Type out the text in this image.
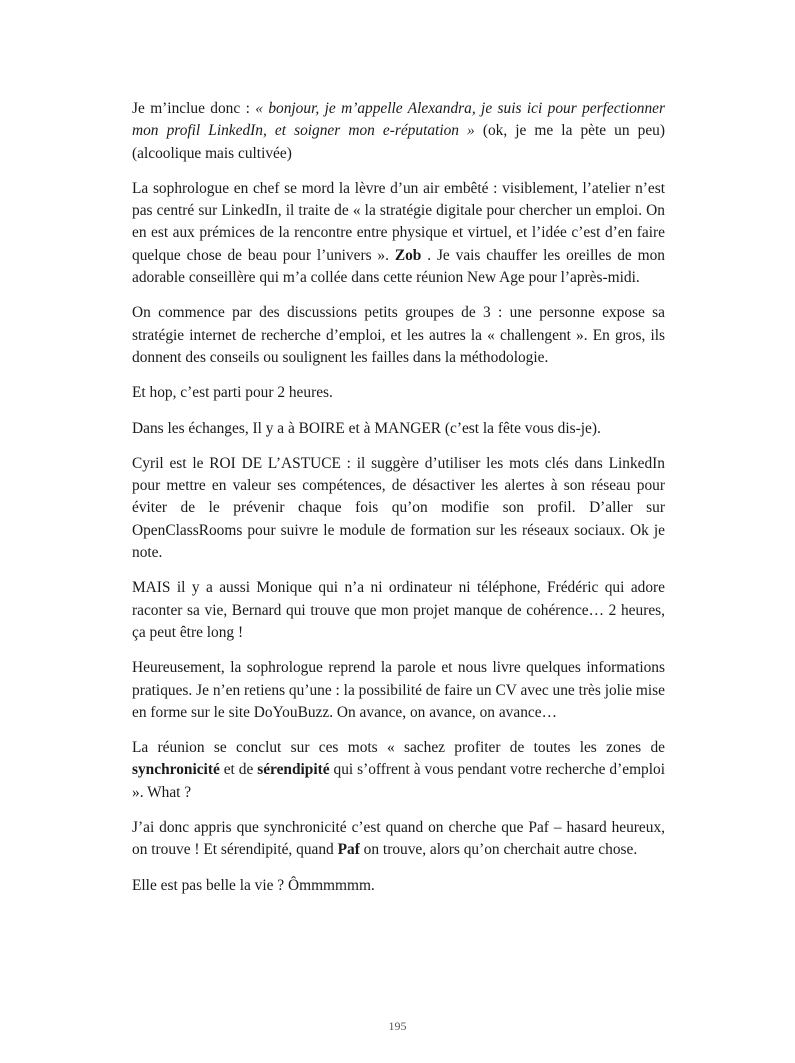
Je m’inclue donc : « bonjour, je m’appelle Alexandra, je suis ici pour perfectionner mon profil LinkedIn, et soigner mon e-réputation » (ok, je me la pète un peu)(alcoolique mais cultivée)

La sophrologue en chef se mord la lèvre d’un air embêté : visiblement, l’atelier n’est pas centré sur LinkedIn, il traite de « la stratégie digitale pour chercher un emploi. On en est aux prémices de la rencontre entre physique et virtuel, et l’idée c’est d’en faire quelque chose de beau pour l’univers ». Zob . Je vais chauffer les oreilles de mon adorable conseillère qui m’a collée dans cette réunion New Age pour l’après-midi.

On commence par des discussions petits groupes de 3 : une personne expose sa stratégie internet de recherche d’emploi, et les autres la « challengent ». En gros, ils donnent des conseils ou soulignent les failles dans la méthodologie.

Et hop, c’est parti pour 2 heures.

Dans les échanges, Il y a à BOIRE et à MANGER (c’est la fête vous dis-je).

Cyril est le ROI DE L’ASTUCE : il suggère d’utiliser les mots clés dans LinkedIn pour mettre en valeur ses compétences, de désactiver les alertes à son réseau pour éviter de le prévenir chaque fois qu’on modifie son profil. D’aller sur OpenClassRooms pour suivre le module de formation sur les réseaux sociaux. Ok je note.

MAIS il y a aussi Monique qui n’a ni ordinateur ni téléphone, Frédéric qui adore raconter sa vie, Bernard qui trouve que mon projet manque de cohérence… 2 heures, ça peut être long !

Heureusement, la sophrologue reprend la parole et nous livre quelques informations pratiques. Je n’en retiens qu’une : la possibilité de faire un CV avec une très jolie mise en forme sur le site DoYouBuzz. On avance, on avance, on avance…

La réunion se conclut sur ces mots « sachez profiter de toutes les zones de synchronicité et de sérendipité qui s’offrent à vous pendant votre recherche d’emploi ». What ?

J’ai donc appris que synchronicité c’est quand on cherche que Paf – hasard heureux, on trouve ! Et sérendipité, quand Paf on trouve, alors qu’on cherchait autre chose.

Elle est pas belle la vie ? Ômmmmmm.

195
